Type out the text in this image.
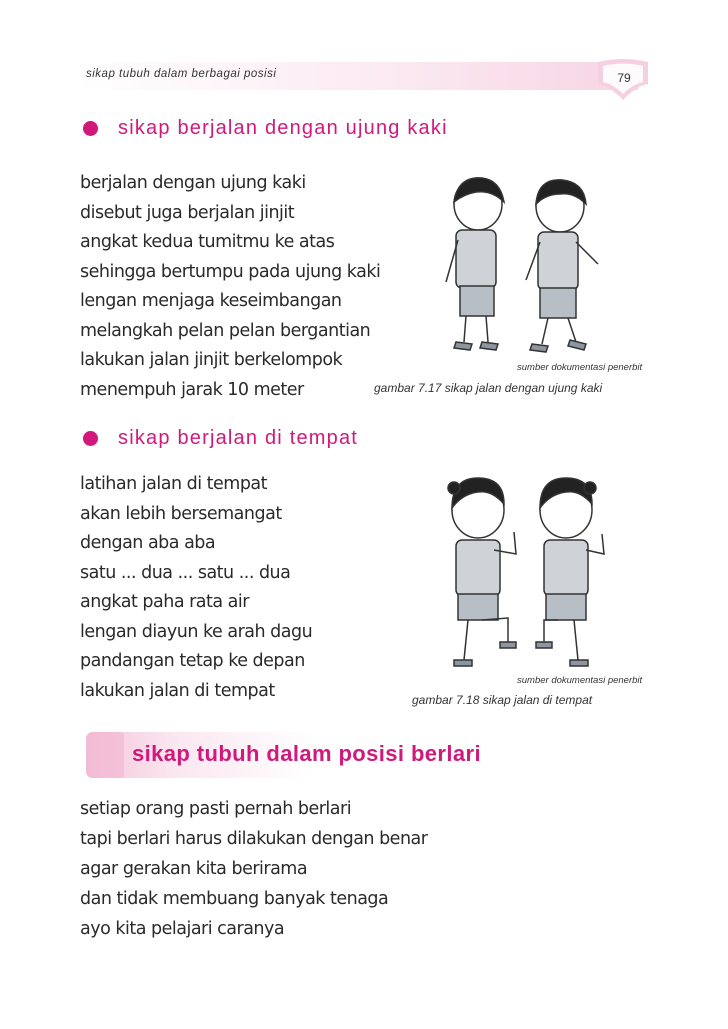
sikap tubuh dalam berbagai posisi	79
sikap berjalan dengan ujung kaki
berjalan dengan ujung kaki
disebut juga berjalan jinjit
angkat kedua tumitmu ke atas
sehingga bertumpu pada ujung kaki
lengan menjaga keseimbangan
melangkah pelan pelan bergantian
lakukan jalan jinjit berkelompok
menempuh jarak 10 meter
sumber dokumentasi penerbit
gambar 7.17 sikap jalan dengan ujung kaki
sikap berjalan di tempat
latihan jalan di tempat
akan lebih bersemangat
dengan aba aba
satu ... dua ... satu ... dua
angkat paha rata air
lengan diayun ke arah dagu
pandangan tetap ke depan
lakukan jalan di tempat	sumber dokumentasi penerbit
gambar 7.18 sikap jalan di tempat
sikap tubuh dalam posisi berlari
setiap orang pasti pernah berlari
tapi berlari harus dilakukan dengan benar
agar gerakan kita berirama
dan tidak membuang banyak tenaga
ayo kita pelajari caranya
